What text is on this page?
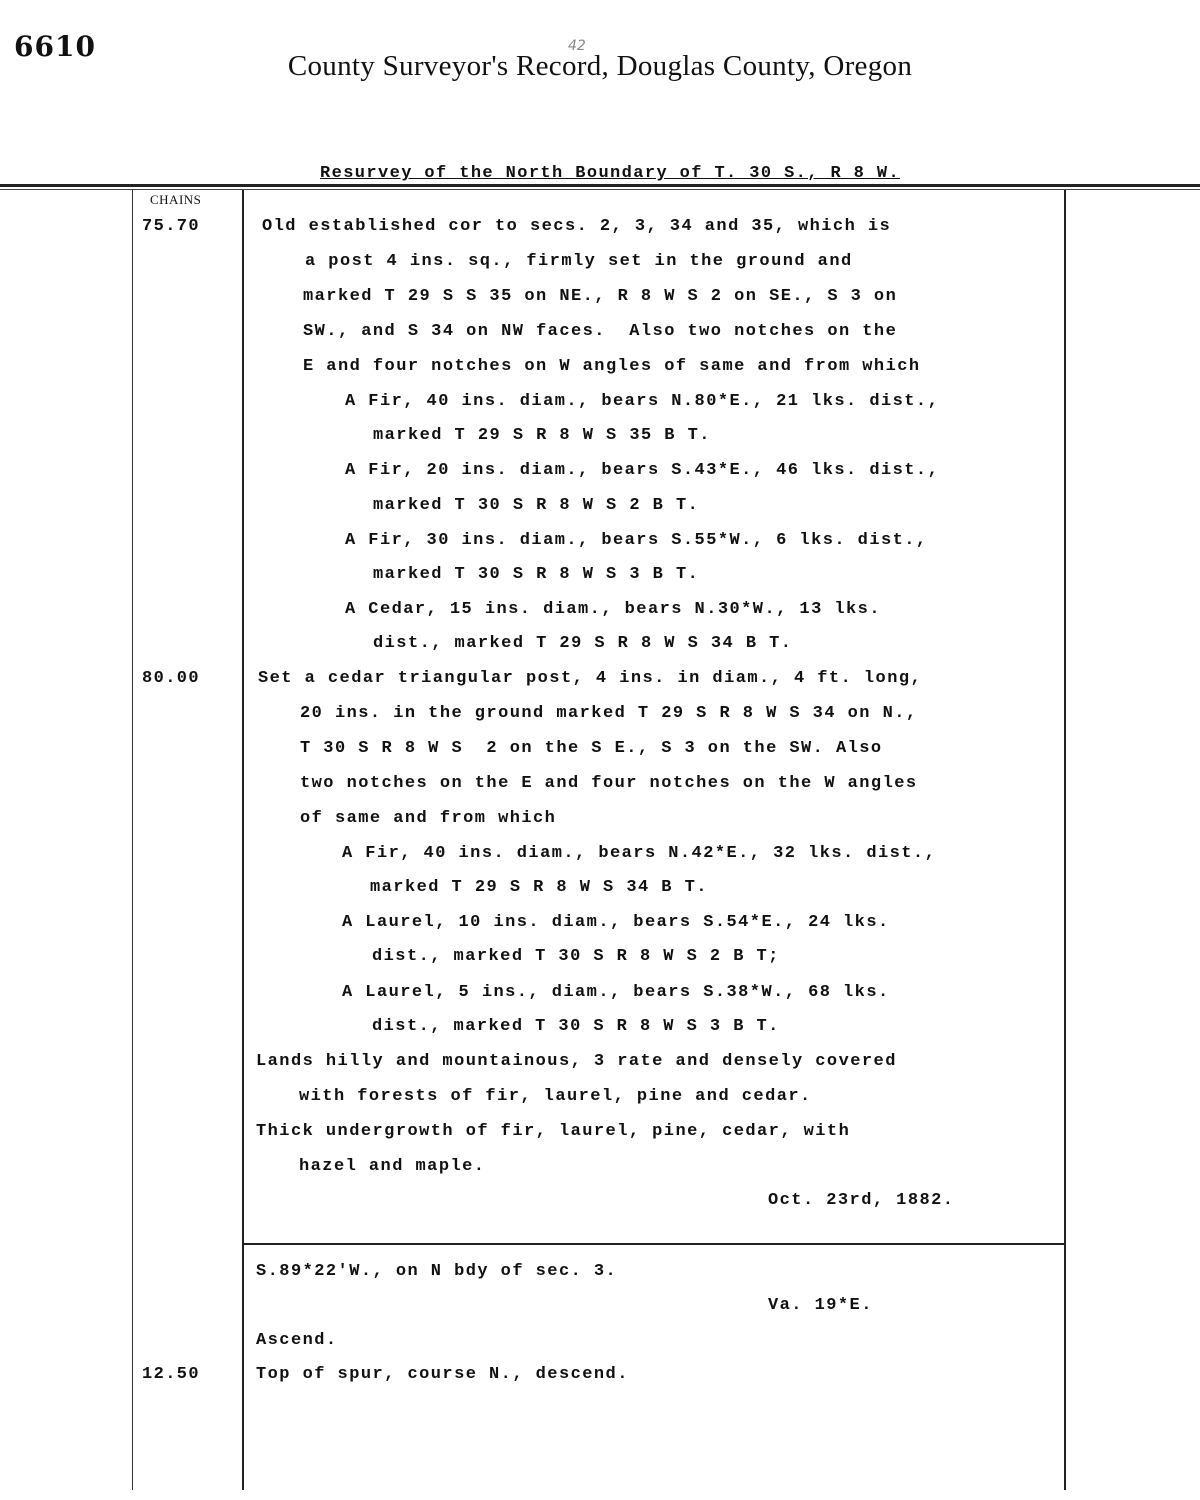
6610	42
County Surveyor's Record, Douglas County, Oregon
Resurvey of the North Boundary of T. 30 S., R 8 W.
CHAINS
75.70
80.00
12.50
Old established cor to secs. 2, 3, 34 and 35, which is
a post 4 ins. sq., firmly set in the ground and
marked T 29 S S 35 on NE., R 8 W S 2 on SE., S 3 on
SW., and S 34 on NW faces.  Also two notches on the
E and four notches on W angles of same and from which
A Fir, 40 ins. diam., bears N.80*E., 21 lks. dist.,
marked T 29 S R 8 W S 35 B T.
A Fir, 20 ins. diam., bears S.43*E., 46 lks. dist.,
marked T 30 S R 8 W S 2 B T.
A Fir, 30 ins. diam., bears S.55*W., 6 lks. dist.,
marked T 30 S R 8 W S 3 B T.
A Cedar, 15 ins. diam., bears N.30*W., 13 lks.
dist., marked T 29 S R 8 W S 34 B T.
Set a cedar triangular post, 4 ins. in diam., 4 ft. long,
20 ins. in the ground marked T 29 S R 8 W S 34 on N.,
T 30 S R 8 W S  2 on the S E., S 3 on the SW. Also
two notches on the E and four notches on the W angles
of same and from which
A Fir, 40 ins. diam., bears N.42*E., 32 lks. dist.,
marked T 29 S R 8 W S 34 B T.
A Laurel, 10 ins. diam., bears S.54*E., 24 lks.
dist., marked T 30 S R 8 W S 2 B T;
A Laurel, 5 ins., diam., bears S.38*W., 68 lks.
dist., marked T 30 S R 8 W S 3 B T.
Lands hilly and mountainous, 3 rate and densely covered
with forests of fir, laurel, pine and cedar.
Thick undergrowth of fir, laurel, pine, cedar, with
hazel and maple.
Oct. 23rd, 1882.
S.89*22'W., on N bdy of sec. 3.
Va. 19*E.
Ascend.
Top of spur, course N., descend.
